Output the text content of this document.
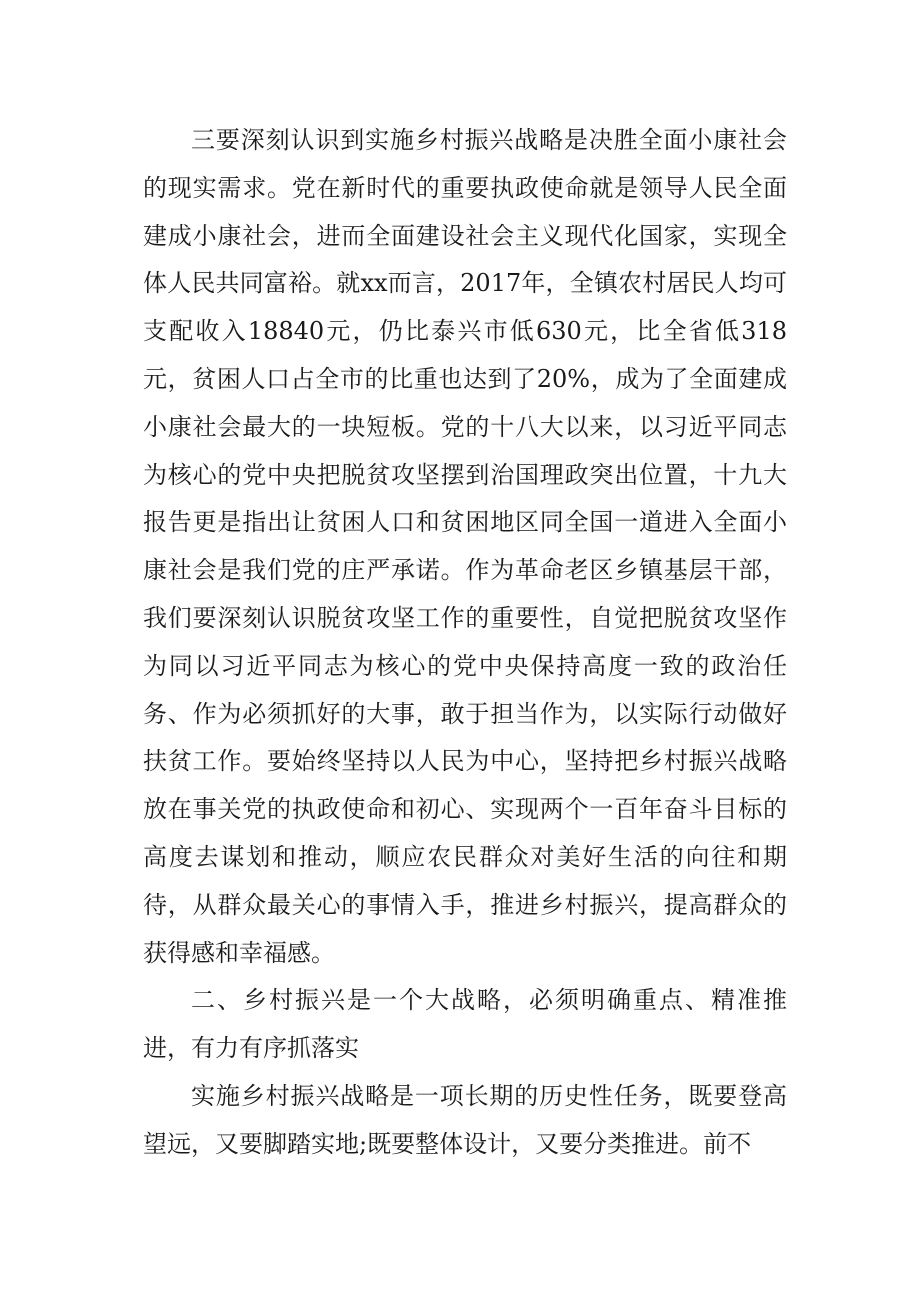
三要深刻认识到实施乡村振兴战略是决胜全面小康社会的现实需求。党在新时代的重要执政使命就是领导人民全面建成小康社会，进而全面建设社会主义现代化国家，实现全体人民共同富裕。就xx而言，2017年，全镇农村居民人均可支配收入18840元，仍比泰兴市低630元，比全省低318元，贫困人口占全市的比重也达到了20%，成为了全面建成小康社会最大的一块短板。党的十八大以来，以习近平同志为核心的党中央把脱贫攻坚摆到治国理政突出位置，十九大报告更是指出让贫困人口和贫困地区同全国一道进入全面小康社会是我们党的庄严承诺。作为革命老区乡镇基层干部，我们要深刻认识脱贫攻坚工作的重要性，自觉把脱贫攻坚作为同以习近平同志为核心的党中央保持高度一致的政治任务、作为必须抓好的大事，敢于担当作为，以实际行动做好扶贫工作。要始终坚持以人民为中心，坚持把乡村振兴战略放在事关党的执政使命和初心、实现两个一百年奋斗目标的高度去谋划和推动，顺应农民群众对美好生活的向往和期待，从群众最关心的事情入手，推进乡村振兴，提高群众的获得感和幸福感。

二、乡村振兴是一个大战略，必须明确重点、精准推进，有力有序抓落实

实施乡村振兴战略是一项长期的历史性任务，既要登高望远，又要脚踏实地;既要整体设计，又要分类推进。前不
